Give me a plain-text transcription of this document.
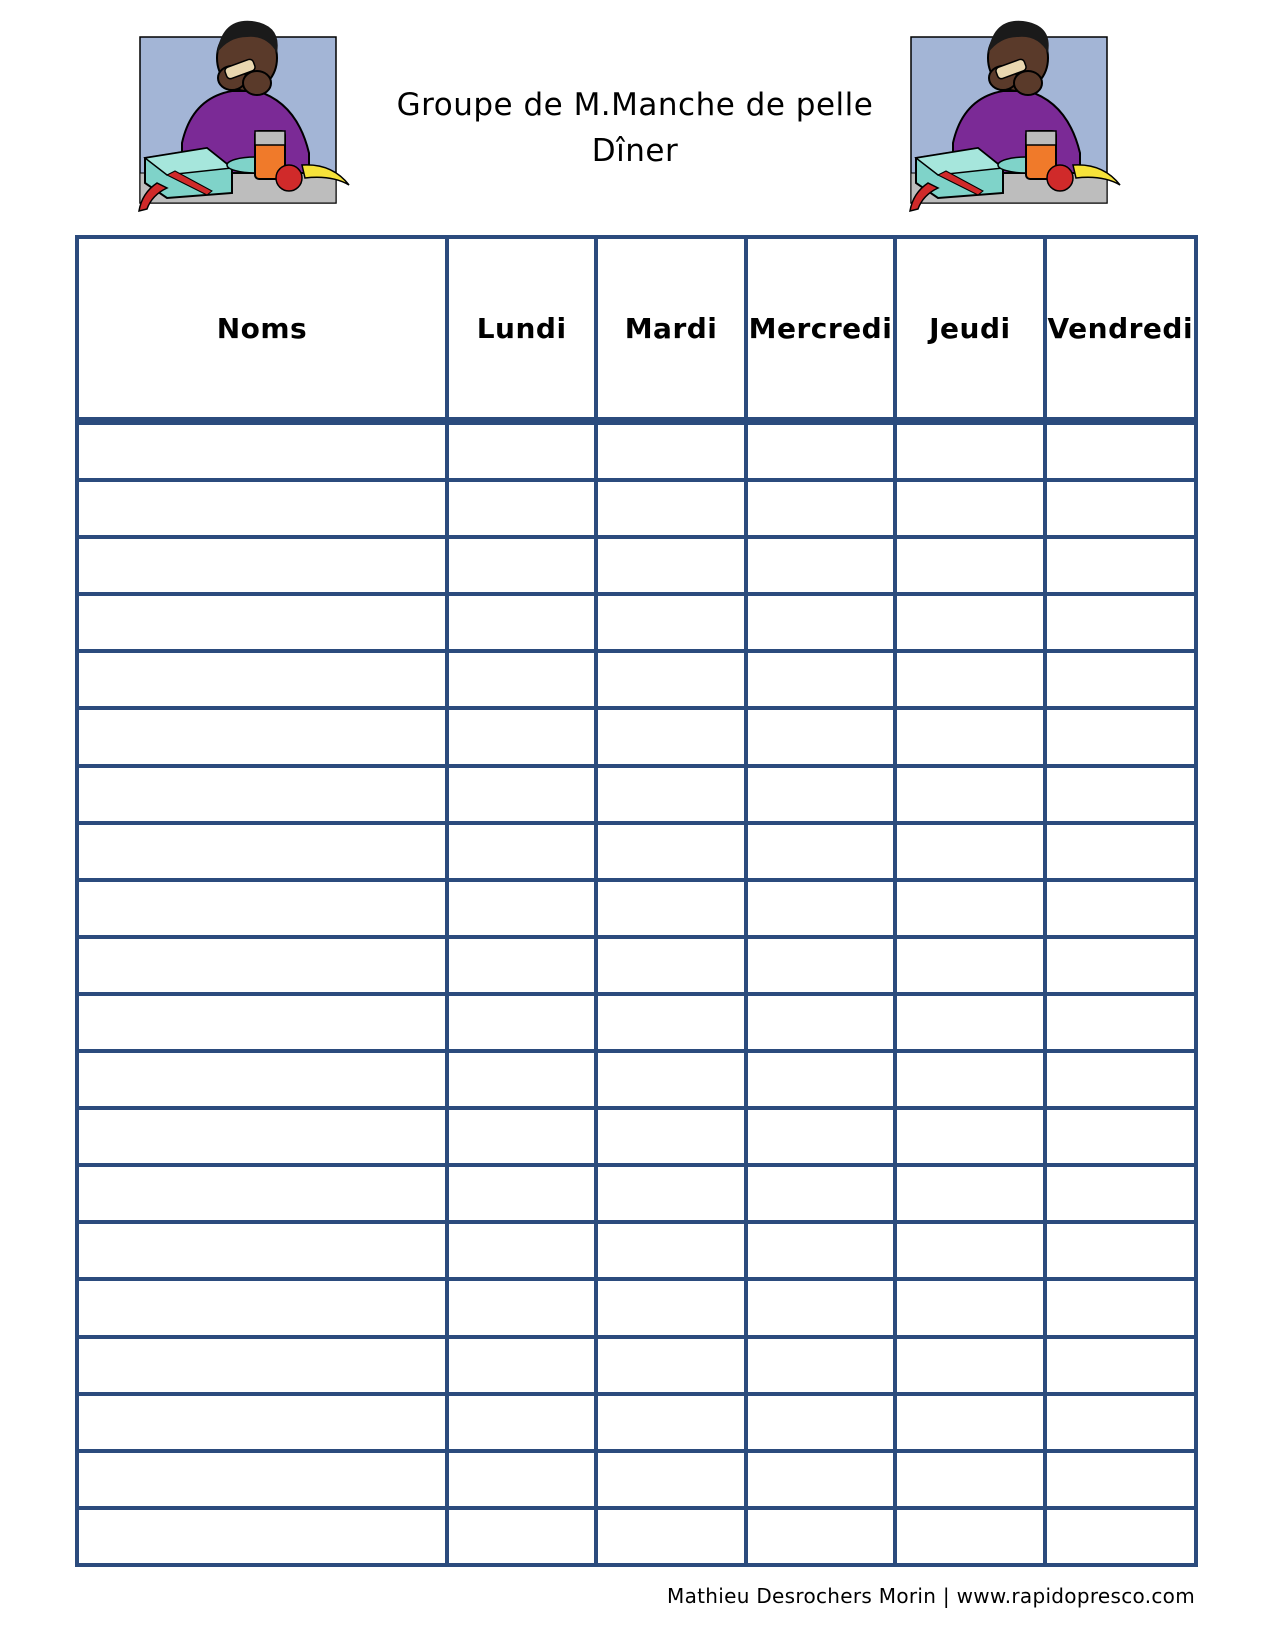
Groupe de M.Manche de pelle
Dîner
Noms	Lundi	Mardi	Mercredi	Jeudi	Vendredi

Mathieu Desrochers Morin | www.rapidopresco.com
